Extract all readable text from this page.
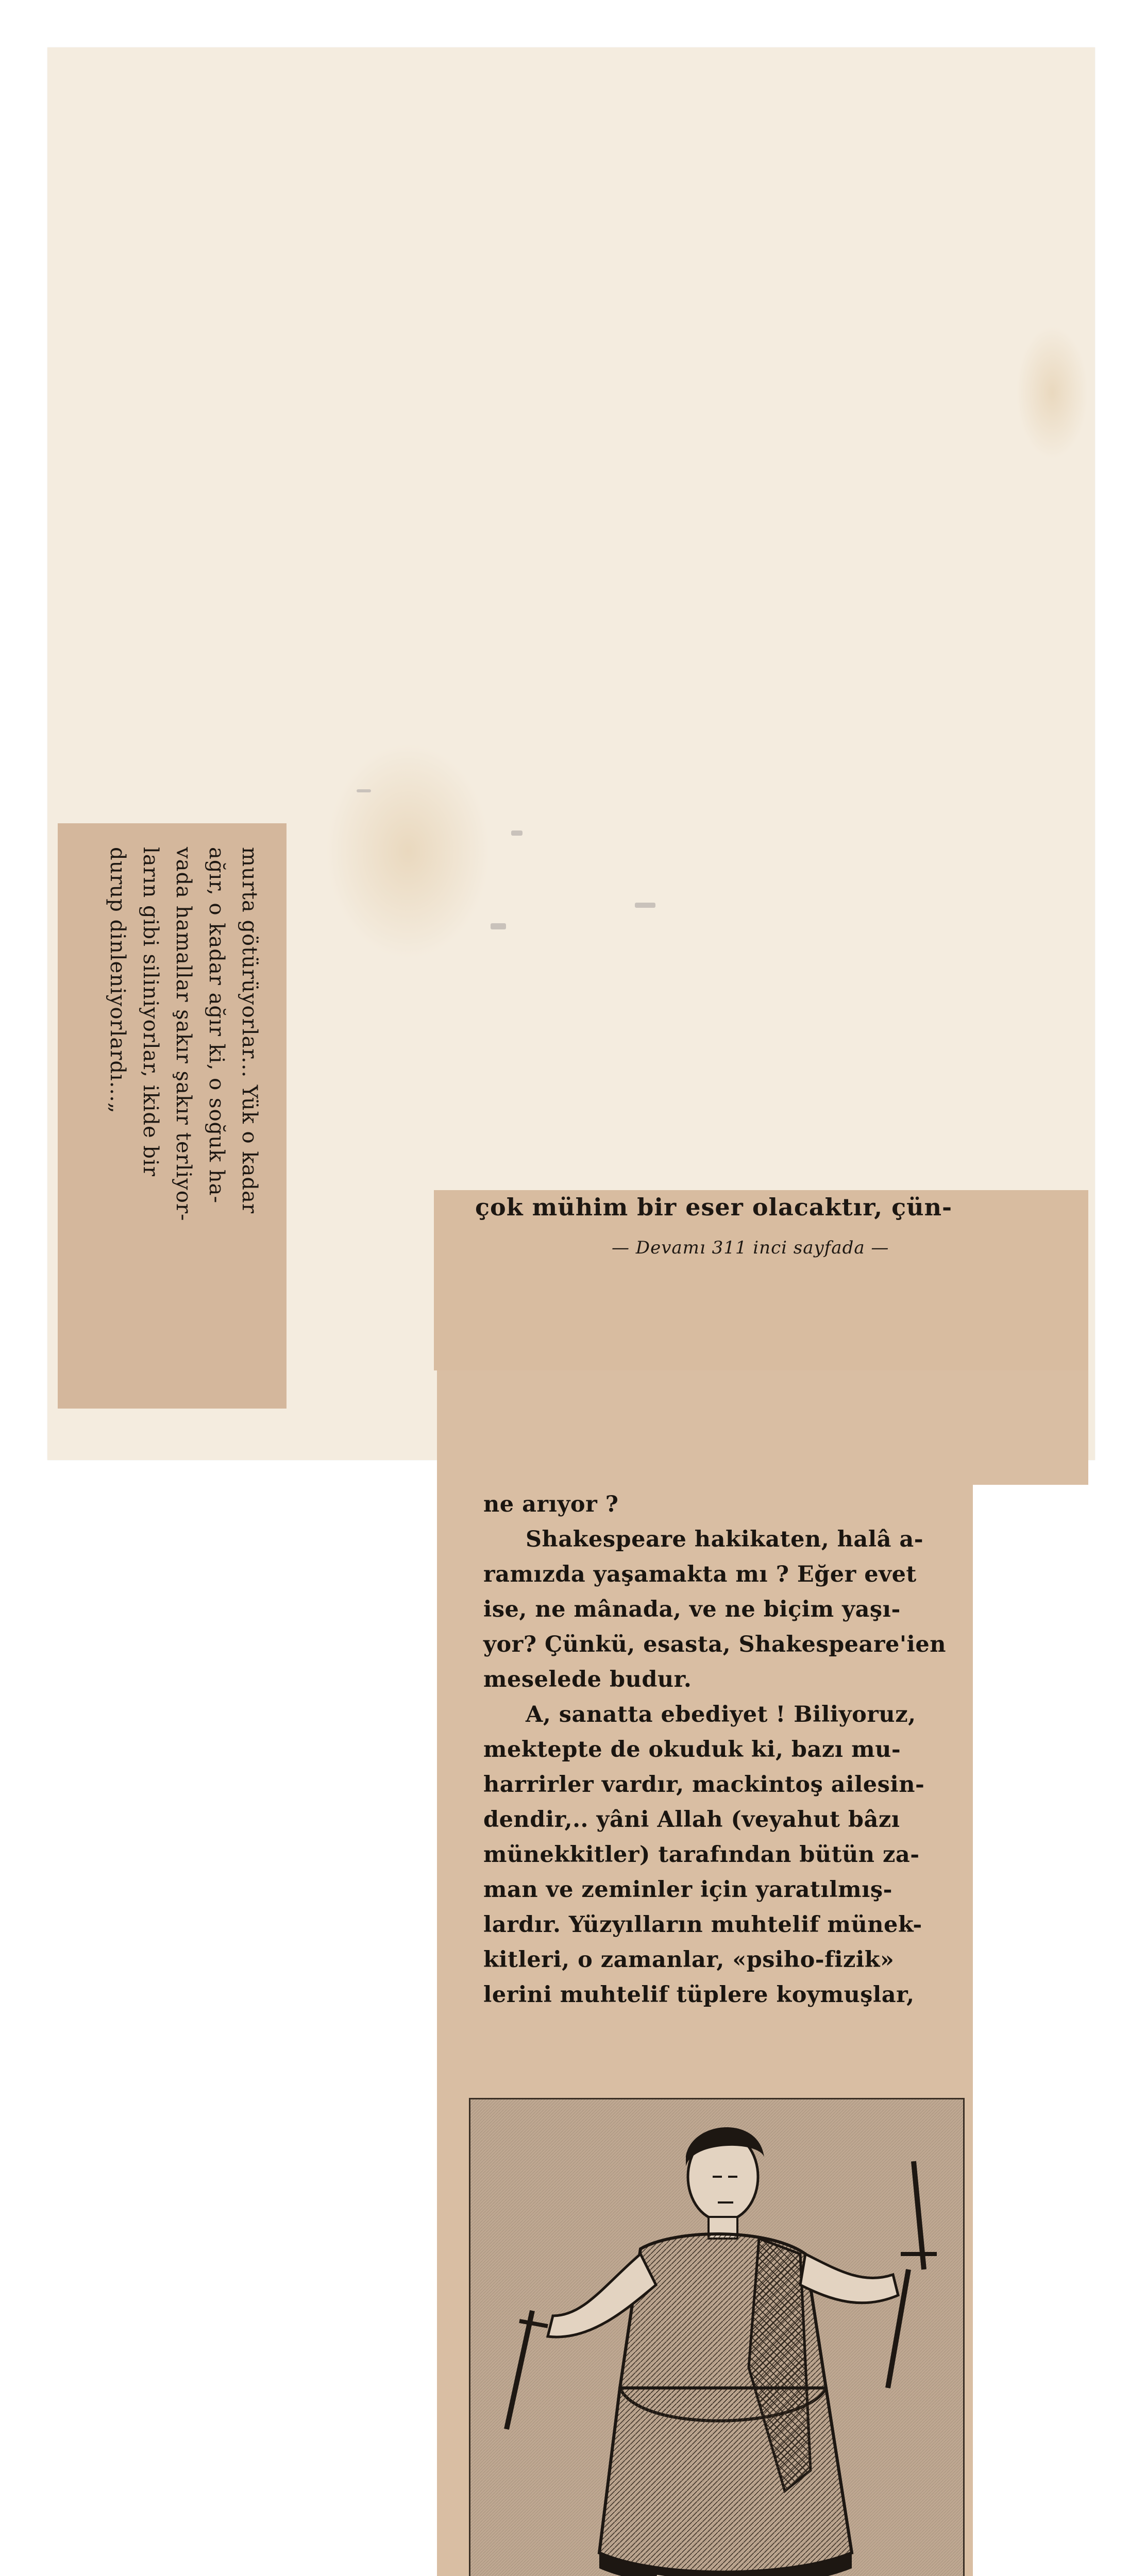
murta götürüyorlar... Yük o kadar
ağır, o kadar ağır ki, o soğuk ha-
vada hamallar şakır şakır terliyor-
ların gibi siliniyorlar, ikide bir
durup dinleniyorlardı...„
çok mühim bir eser olacaktır, çün-
— Devamı 311 inci sayfada —
ne arıyor ?
Shakespeare hakikaten, halâ a-
ramızda yaşamakta mı ? Eğer evet
ise, ne mânada, ve ne biçim yaşı-
yor? Çünkü, esasta, Shakespeare'ien
meselede budur.
A, sanatta ebediyet ! Biliyoruz,
mektepte de okuduk ki, bazı mu-
harrirler vardır, mackintoş ailesin-
dendir,.. yâni Allah (veyahut bâzı
münekkitler) tarafından bütün za-
man ve zeminler için yaratılmış-
lardır. Yüzyılların muhtelif münek-
kitleri, o zamanlar, «psiho-fizik»
lerini muhtelif tüplere koymuşlar,
